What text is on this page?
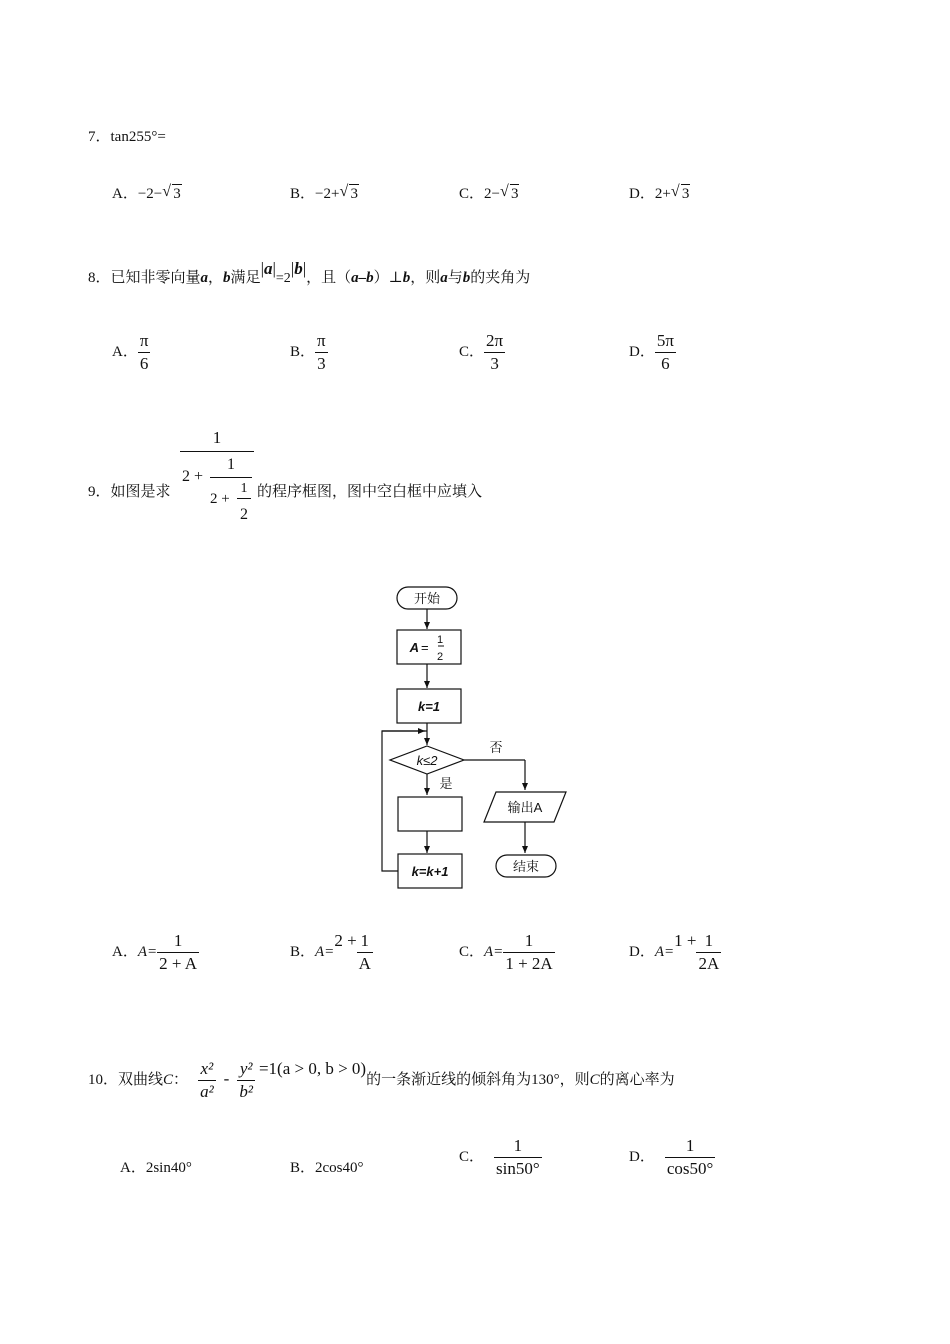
7．tan255°=
A．−2− √ 3	B．−2+ √ 3	C．2− √ 3	D．2+ √ 3
8．已知非零向量a，b满足|a|=2|b|，且（a–b）⊥b，则a与b的夹角为
A． $\frac{\pi}{6}$	B． $\frac{\pi}{3}$	C． $\frac{2\pi}{3}$	D． $\frac{5\pi}{6}$
9．如图是求
1
2 +
1
2 +
1
2
的程序框图，图中空白框中应填入
开始
A = 1
2
k=1
k≤2
否
是
输出A
k=k+1	结束
A．$A= \frac{1}{2 + A}$	B．$A=2 + \frac{1}{A}$	C．$A= \frac{1}{1 + 2A}$	D．$A=1 + \frac{1}{2A}$
10．双曲线C： $\frac{\text{x²}}{\text{a²}} - \frac{\text{y²}}{\text{b²}} =1(a > 0$, b > 0)的一条渐近线的倾斜角为130°，则C的离心率为
A．2sin40°	B．2cos40°
C． $\frac{1}{\sin 50^\circ}$	D． $\frac{1}{\cos 50^\circ}$
